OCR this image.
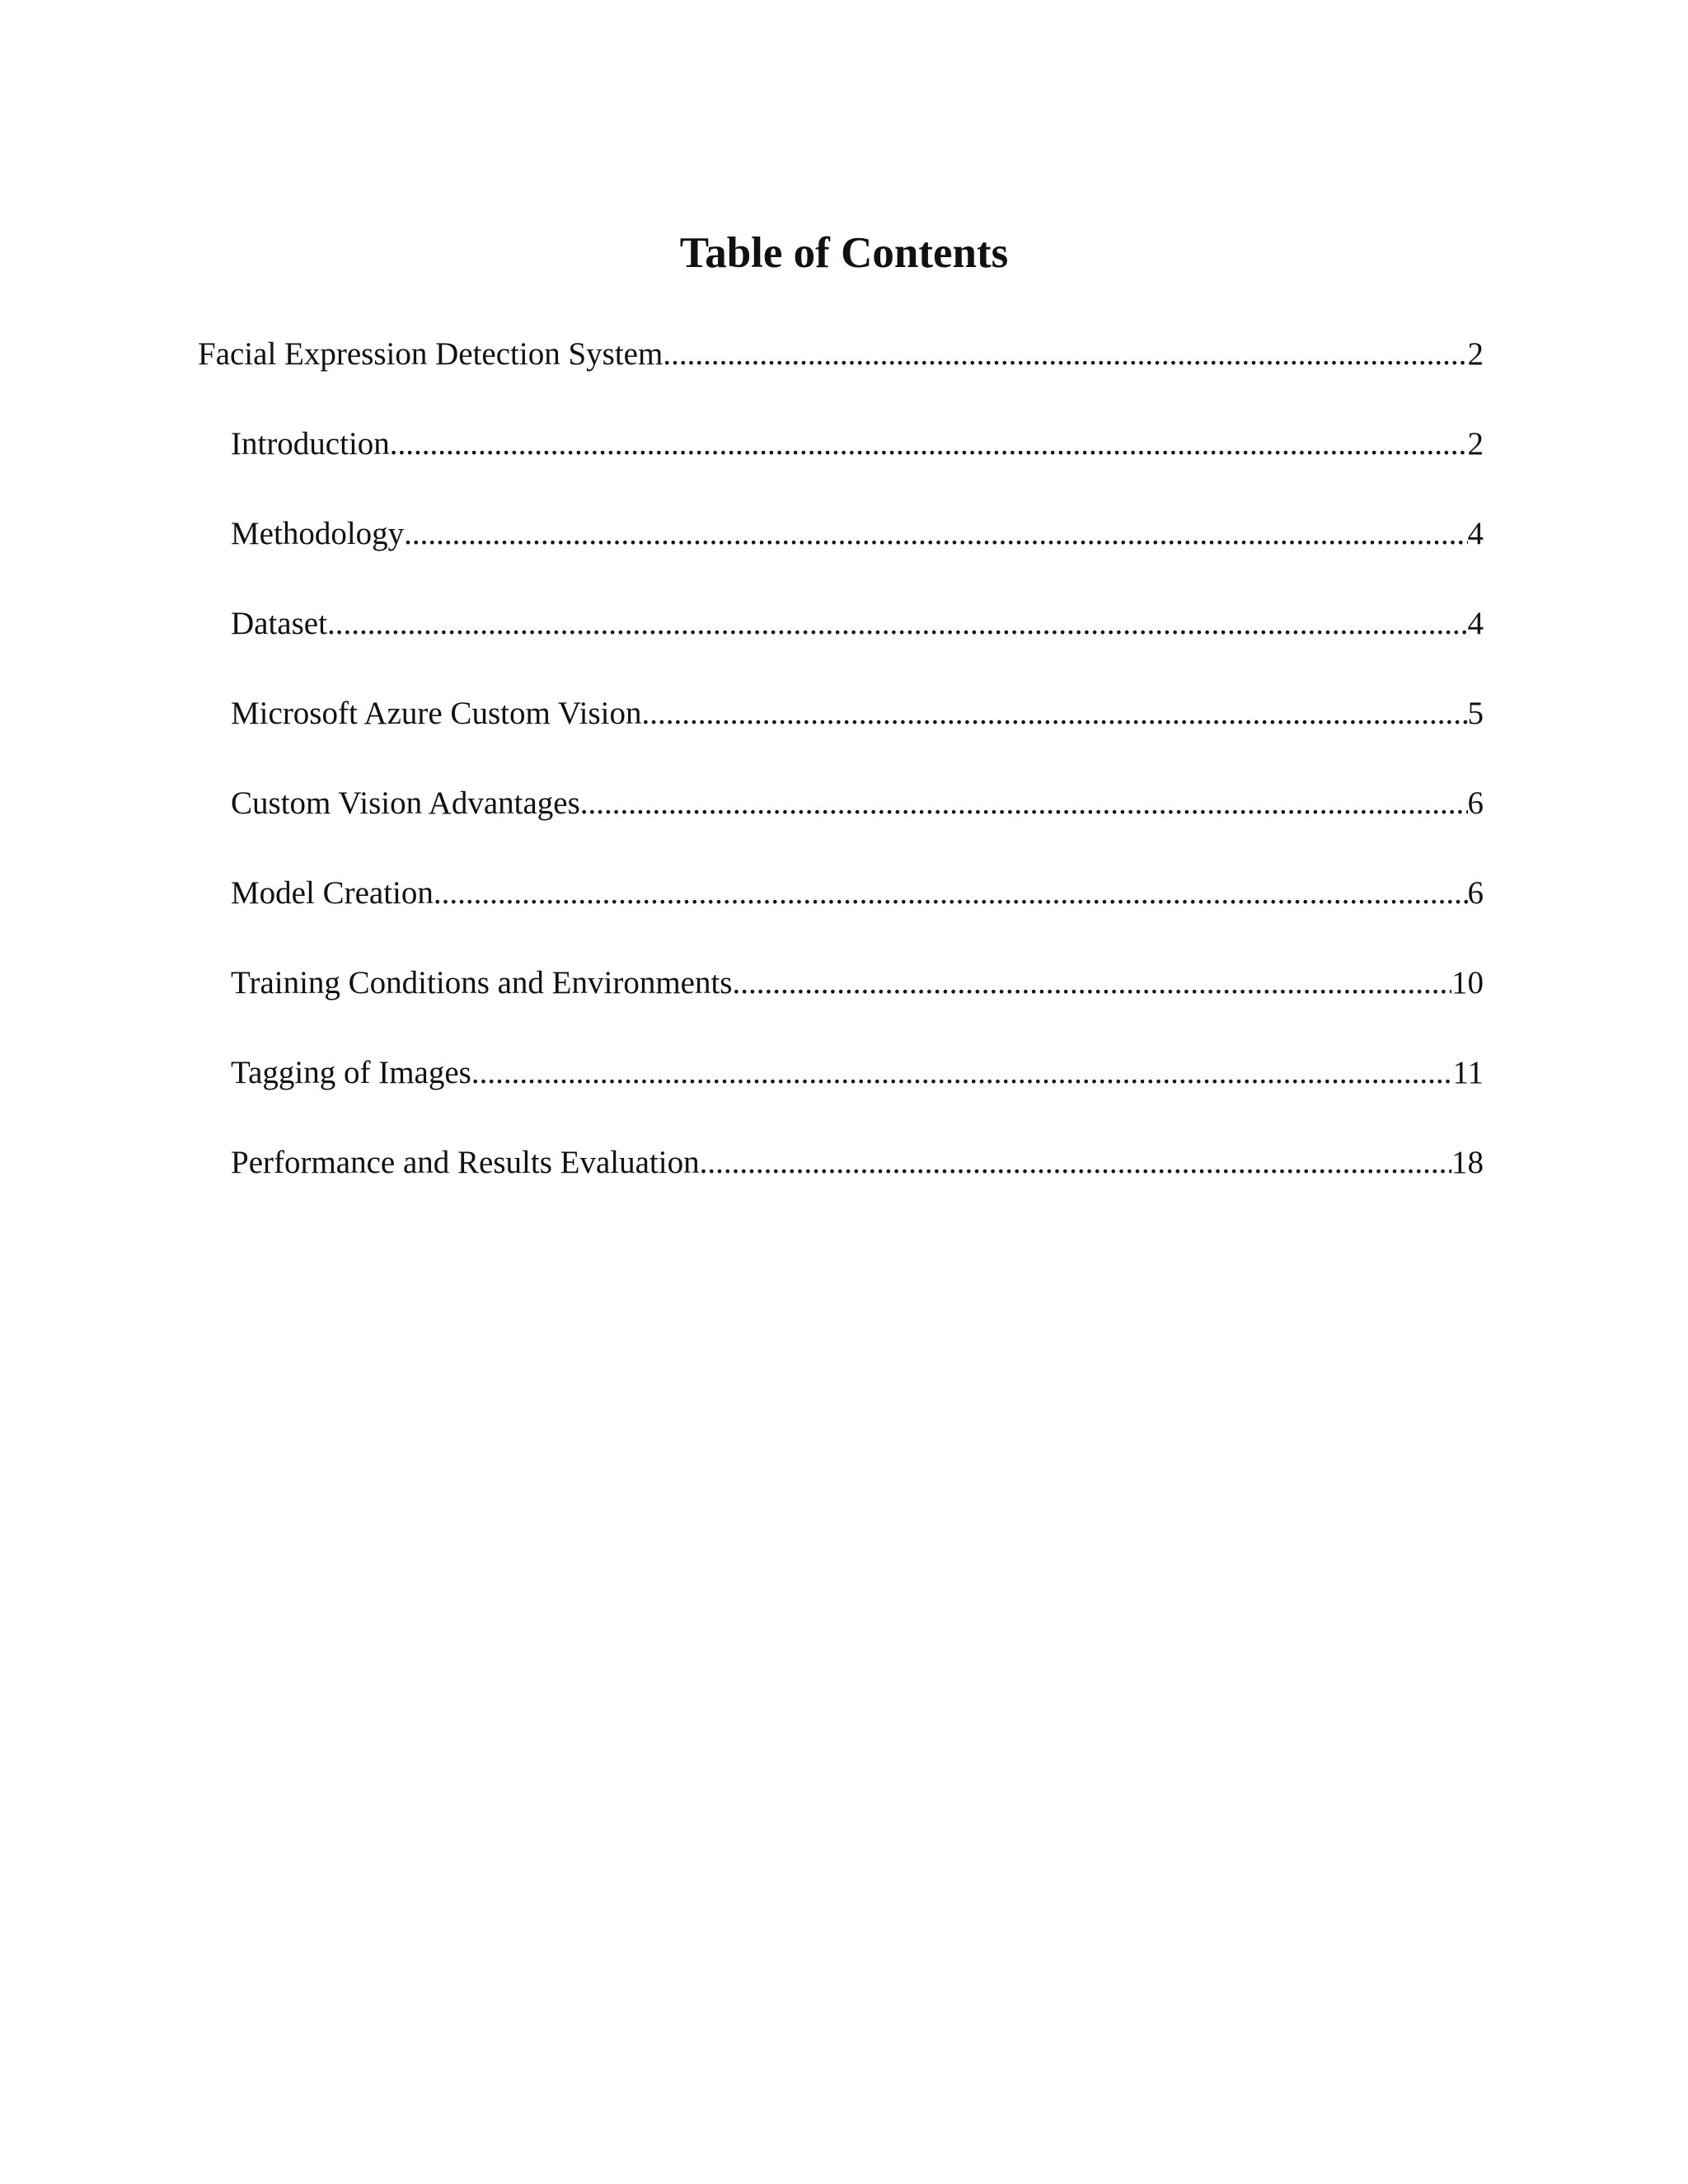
Table of Contents
Facial Expression Detection System .....	2
Introduction .....	2
Methodology .....	4
Dataset .....	4
Microsoft Azure Custom Vision .....	5
Custom Vision Advantages .....	6
Model Creation .....	6
Training Conditions and Environments .....	10
Tagging of Images .....	11
Performance and Results Evaluation .....	18
